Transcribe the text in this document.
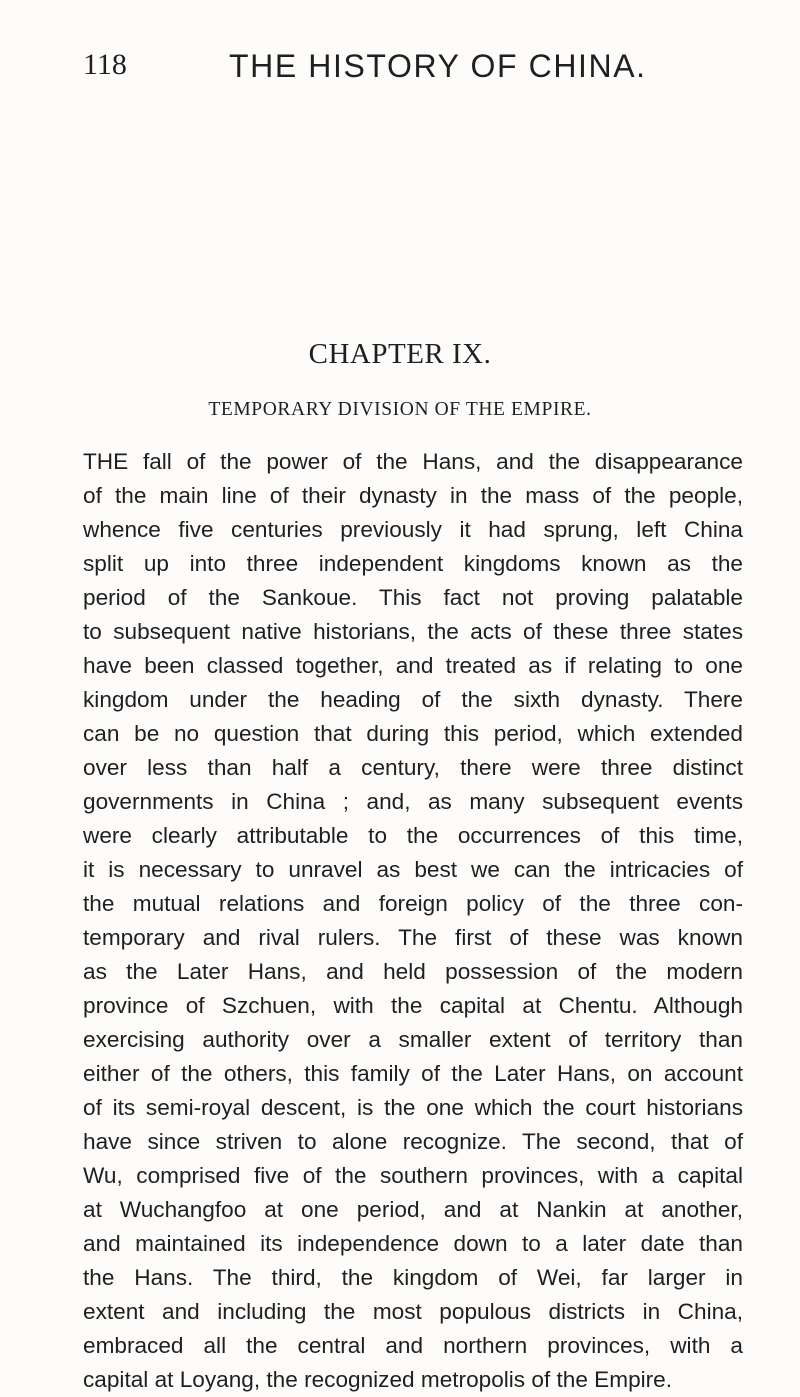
118	THE HISTORY OF CHINA.
CHAPTER IX.
TEMPORARY DIVISION OF THE EMPIRE.
THE fall of the power of the Hans, and the disappearance
of the main line of their dynasty in the mass of the people,
whence five centuries previously it had sprung, left China
split up into three independent kingdoms known as the
period of the Sankoue. This fact not proving palatable
to subsequent native historians, the acts of these three states
have been classed together, and treated as if relating to one
kingdom under the heading of the sixth dynasty. There
can be no question that during this period, which extended
over less than half a century, there were three distinct
governments in China ; and, as many subsequent events
were clearly attributable to the occurrences of this time,
it is necessary to unravel as best we can the intricacies of
the mutual relations and foreign policy of the three con-
temporary and rival rulers. The first of these was known
as the Later Hans, and held possession of the modern
province of Szchuen, with the capital at Chentu. Although
exercising authority over a smaller extent of territory than
either of the others, this family of the Later Hans, on account
of its semi-royal descent, is the one which the court historians
have since striven to alone recognize. The second, that of
Wu, comprised five of the southern provinces, with a capital
at Wuchangfoo at one period, and at Nankin at another,
and maintained its independence down to a later date than
the Hans. The third, the kingdom of Wei, far larger in
extent and including the most populous districts in China,
embraced all the central and northern provinces, with a
capital at Loyang, the recognized metropolis of the Empire.
